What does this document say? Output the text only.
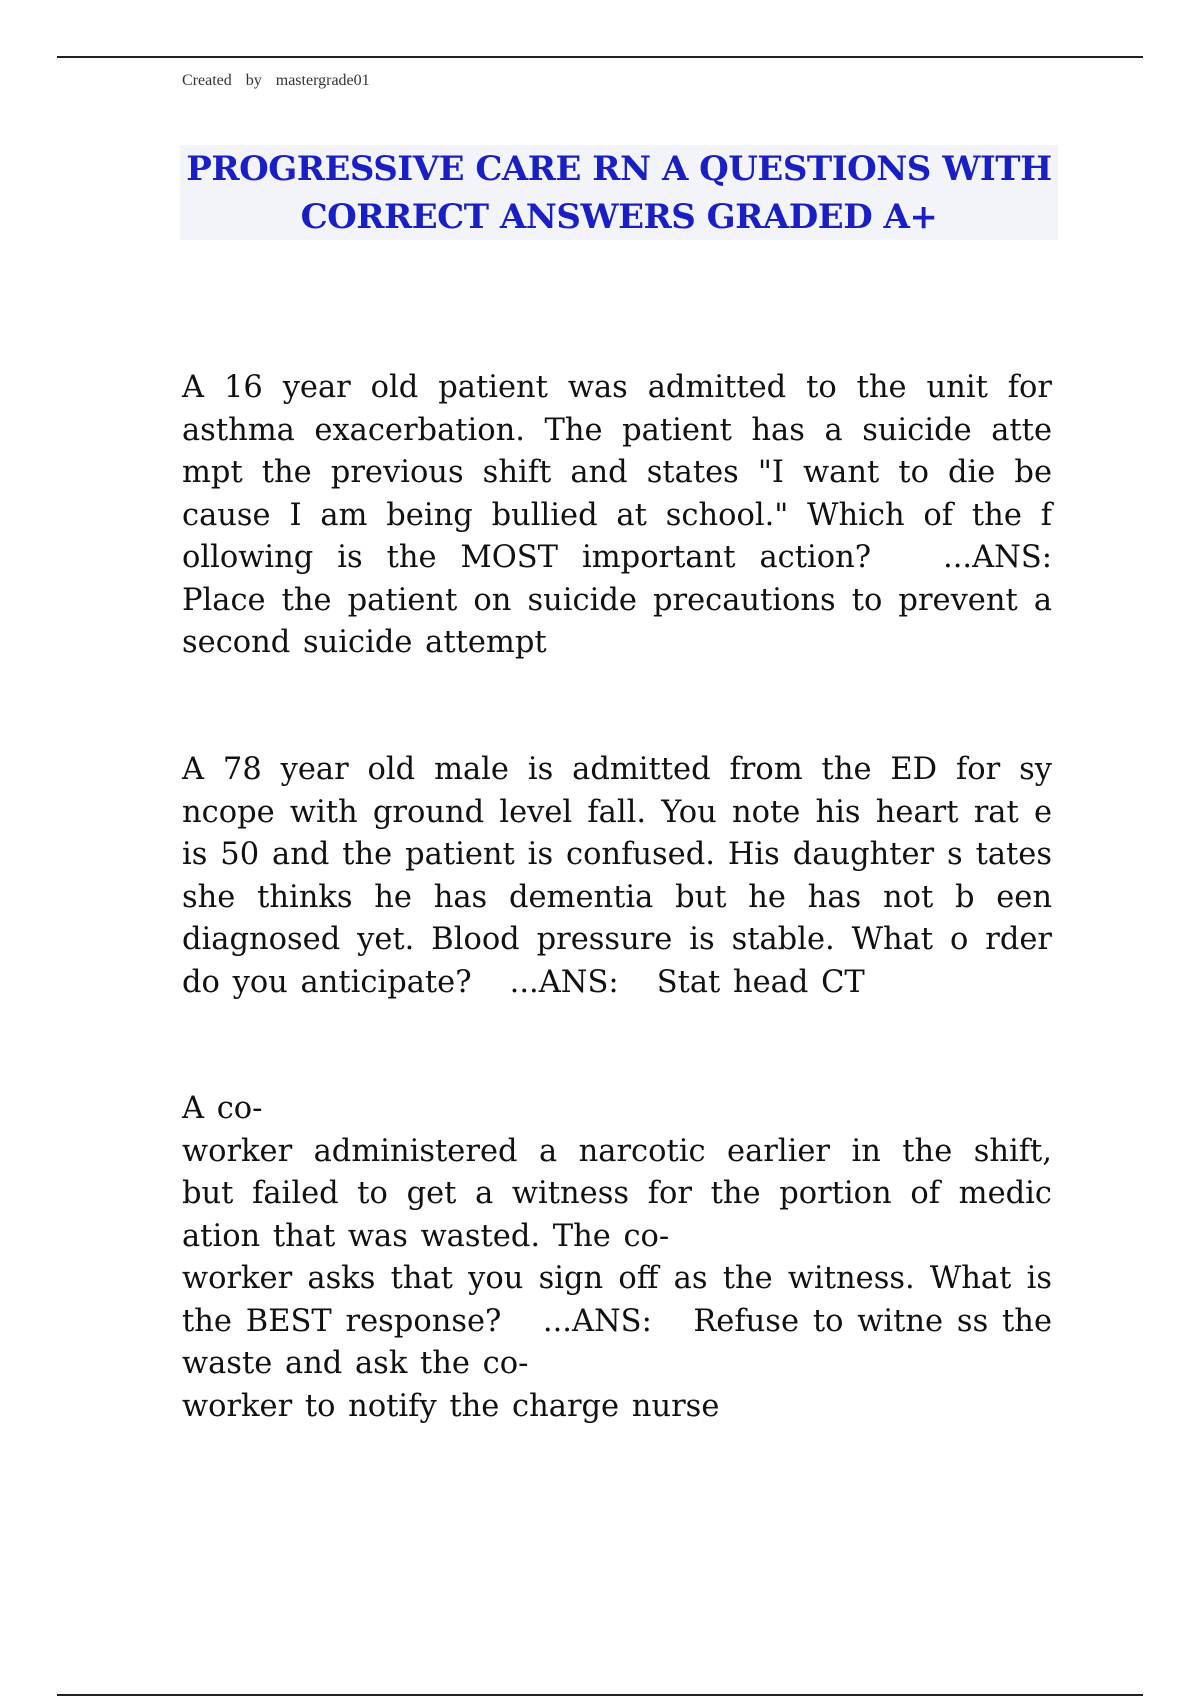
Created by mastergrade01
PROGRESSIVE CARE RN A QUESTIONS WITH CORRECT ANSWERS GRADED A+

A 16 year old patient was admitted to the unit for asthma exacerbation. The patient has a suicide atte mpt the previous shift and states "I want to die be cause I am being bullied at school." Which of the f ollowing is the MOST important action?   ...ANS:  Place the patient on suicide precautions to prevent a second suicide attempt

A 78 year old male is admitted from the ED for sy ncope with ground level fall. You note his heart rat e is 50 and the patient is confused. His daughter s tates she thinks he has dementia but he has not b een diagnosed yet. Blood pressure is stable. What o rder do you anticipate?   ...ANS:   Stat head CT

A co-
worker administered a narcotic earlier in the shift, but failed to get a witness for the portion of medic ation that was wasted. The co-
worker asks that you sign off as the witness. What is the BEST response?   ...ANS:   Refuse to witne ss the waste and ask the co-
worker to notify the charge nurse
